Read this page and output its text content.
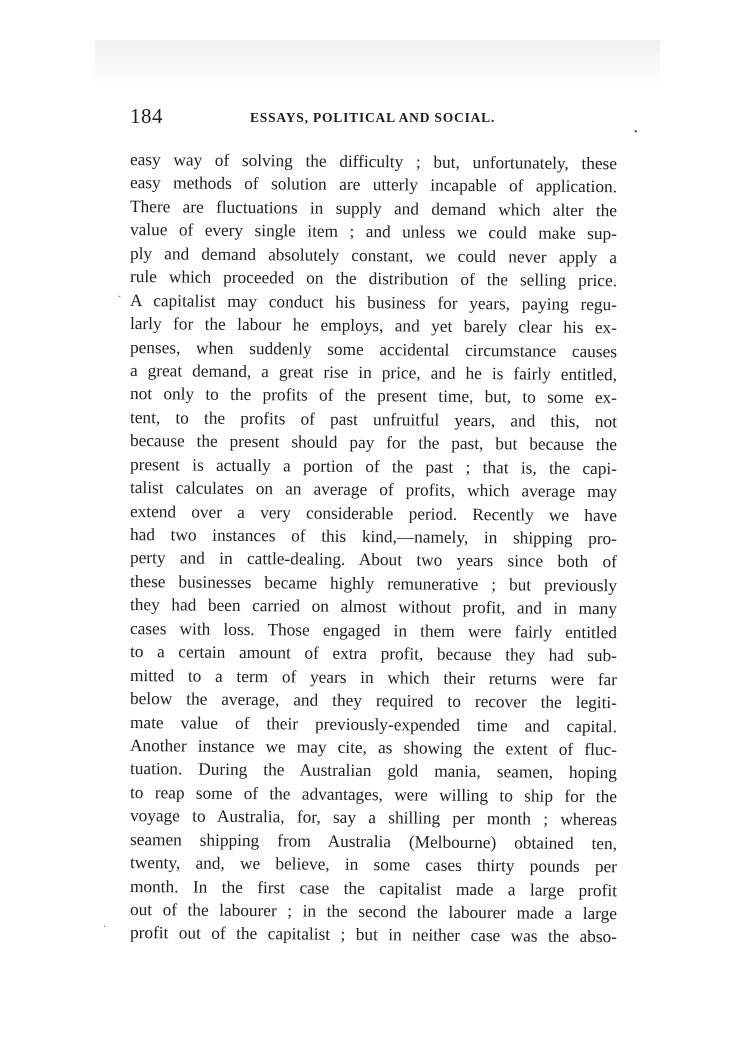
184	ESSAYS, POLITICAL AND SOCIAL.
•
·
·
easy way of solving the difficulty ; but, unfortunately, these
easy methods of solution are utterly incapable of application.
There are fluctuations in supply and demand which alter the
value of every single item ; and unless we could make sup-
ply and demand absolutely constant, we could never apply a
rule which proceeded on the distribution of the selling price.
A capitalist may conduct his business for years, paying regu-
larly for the labour he employs, and yet barely clear his ex-
penses, when suddenly some accidental circumstance causes
a great demand, a great rise in price, and he is fairly entitled,
not only to the profits of the present time, but, to some ex-
tent, to the profits of past unfruitful years, and this, not
because the present should pay for the past, but because the
present is actually a portion of the past ; that is, the capi-
talist calculates on an average of profits, which average may
extend over a very considerable period. Recently we have
had two instances of this kind,—namely, in shipping pro-
perty and in cattle-dealing. About two years since both of
these businesses became highly remunerative ; but previously
they had been carried on almost without profit, and in many
cases with loss. Those engaged in them were fairly entitled
to a certain amount of extra profit, because they had sub-
mitted to a term of years in which their returns were far
below the average, and they required to recover the legiti-
mate value of their previously-expended time and capital.
Another instance we may cite, as showing the extent of fluc-
tuation. During the Australian gold mania, seamen, hoping
to reap some of the advantages, were willing to ship for the
voyage to Australia, for, say a shilling per month ; whereas
seamen shipping from Australia (Melbourne) obtained ten,
twenty, and, we believe, in some cases thirty pounds per
month. In the first case the capitalist made a large profit
out of the labourer ; in the second the labourer made a large
profit out of the capitalist ; but in neither case was the abso-
